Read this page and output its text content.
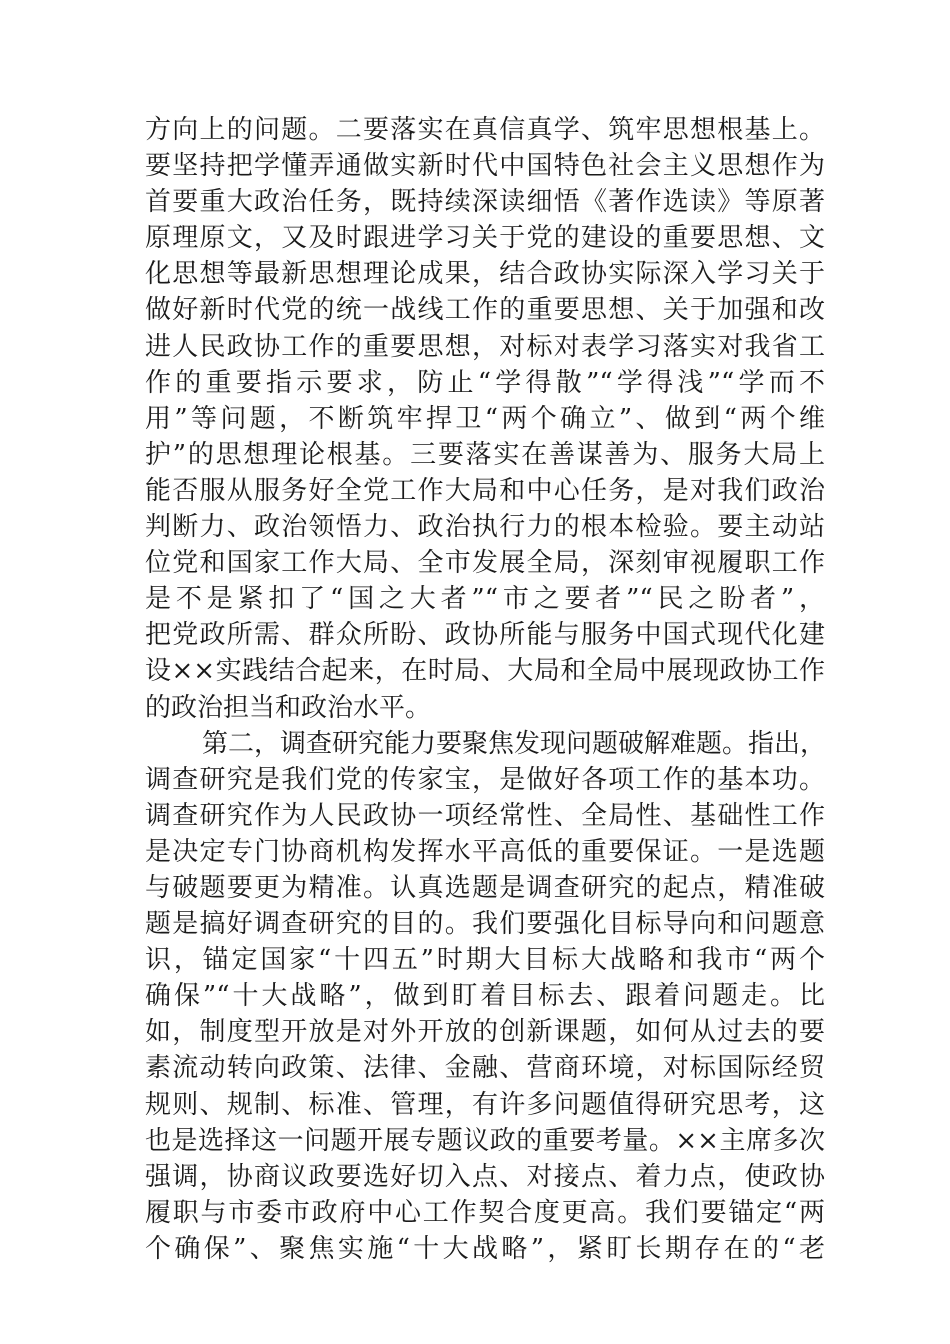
方向上的问题。二要落实在真信真学、筑牢思想根基上。
要坚持把学懂弄通做实新时代中国特色社会主义思想作为
首要重大政治任务，既持续深读细悟《著作选读》等原著
原理原文，又及时跟进学习关于党的建设的重要思想、文
化思想等最新思想理论成果，结合政协实际深入学习关于
做好新时代党的统一战线工作的重要思想、关于加强和改
进人民政协工作的重要思想，对标对表学习落实对我省工
作的重要指示要求，防止“学得散”“学得浅”“学而不
用”等问题，不断筑牢捍卫“两个确立”、做到“两个维
护”的思想理论根基。三要落实在善谋善为、服务大局上
能否服从服务好全党工作大局和中心任务，是对我们政治
判断力、政治领悟力、政治执行力的根本检验。要主动站
位党和国家工作大局、全市发展全局，深刻审视履职工作
是不是紧扣了“国之大者”“市之要者”“民之盼者”，
把党政所需、群众所盼、政协所能与服务中国式现代化建
设××实践结合起来，在时局、大局和全局中展现政协工作
的政治担当和政治水平。
第二，调查研究能力要聚焦发现问题破解难题。指出，
调查研究是我们党的传家宝，是做好各项工作的基本功。
调查研究作为人民政协一项经常性、全局性、基础性工作
是决定专门协商机构发挥水平高低的重要保证。一是选题
与破题要更为精准。认真选题是调查研究的起点，精准破
题是搞好调查研究的目的。我们要强化目标导向和问题意
识，锚定国家“十四五”时期大目标大战略和我市“两个
确保”“十大战略”，做到盯着目标去、跟着问题走。比
如，制度型开放是对外开放的创新课题，如何从过去的要
素流动转向政策、法律、金融、营商环境，对标国际经贸
规则、规制、标准、管理，有许多问题值得研究思考，这
也是选择这一问题开展专题议政的重要考量。××主席多次
强调，协商议政要选好切入点、对接点、着力点，使政协
履职与市委市政府中心工作契合度更高。我们要锚定“两
个确保”、聚焦实施“十大战略”，紧盯长期存在的“老
